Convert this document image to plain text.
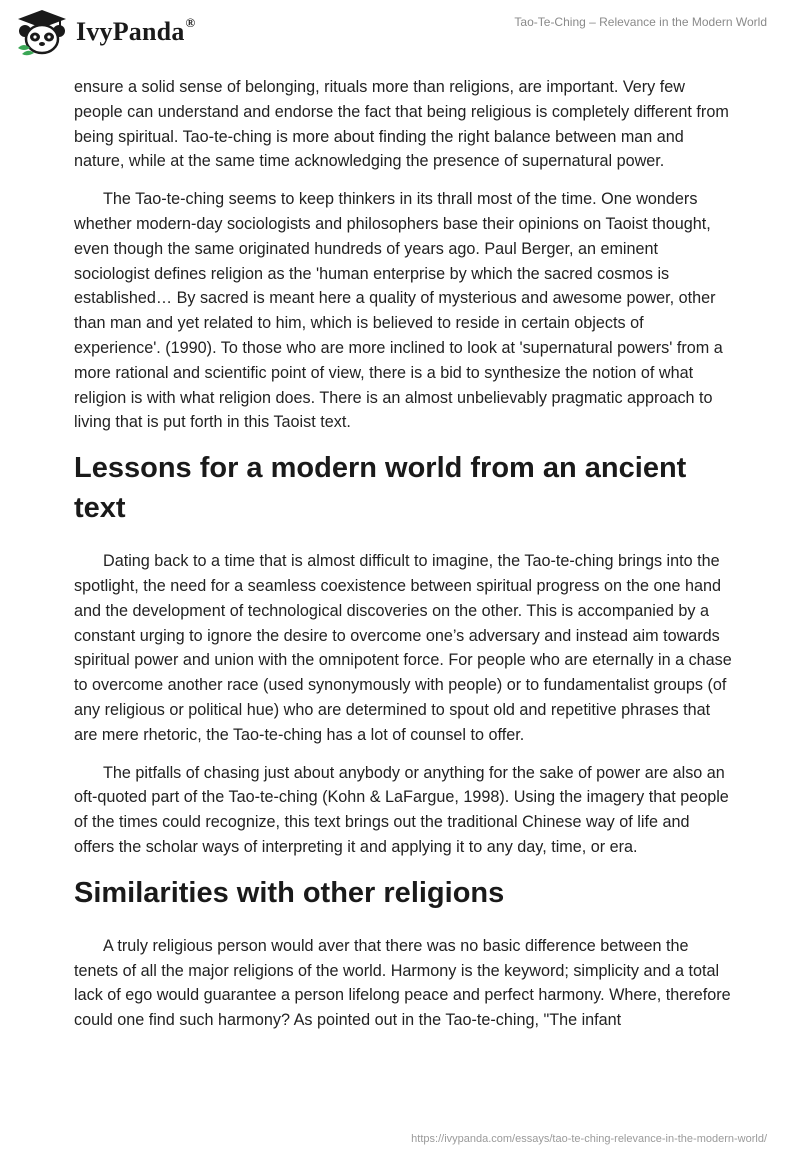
IvyPanda®	Tao-Te-Ching – Relevance in the Modern World

ensure a solid sense of belonging, rituals more than religions, are important. Very few people can understand and endorse the fact that being religious is completely different from being spiritual. Tao-te-ching is more about finding the right balance between man and nature, while at the same time acknowledging the presence of supernatural power.

The Tao-te-ching seems to keep thinkers in its thrall most of the time. One wonders whether modern-day sociologists and philosophers base their opinions on Taoist thought, even though the same originated hundreds of years ago. Paul Berger, an eminent sociologist defines religion as the 'human enterprise by which the sacred cosmos is established… By sacred is meant here a quality of mysterious and awesome power, other than man and yet related to him, which is believed to reside in certain objects of experience'. (1990). To those who are more inclined to look at 'supernatural powers' from a more rational and scientific point of view, there is a bid to synthesize the notion of what religion is with what religion does. There is an almost unbelievably pragmatic approach to living that is put forth in this Taoist text.

Lessons for a modern world from an ancient text

Dating back to a time that is almost difficult to imagine, the Tao-te-ching brings into the spotlight, the need for a seamless coexistence between spiritual progress on the one hand and the development of technological discoveries on the other. This is accompanied by a constant urging to ignore the desire to overcome one’s adversary and instead aim towards spiritual power and union with the omnipotent force. For people who are eternally in a chase to overcome another race (used synonymously with people) or to fundamentalist groups (of any religious or political hue) who are determined to spout old and repetitive phrases that are mere rhetoric, the Tao-te-ching has a lot of counsel to offer.

The pitfalls of chasing just about anybody or anything for the sake of power are also an oft-quoted part of the Tao-te-ching (Kohn & LaFargue, 1998). Using the imagery that people of the times could recognize, this text brings out the traditional Chinese way of life and offers the scholar ways of interpreting it and applying it to any day, time, or era.

Similarities with other religions

A truly religious person would aver that there was no basic difference between the tenets of all the major religions of the world. Harmony is the keyword; simplicity and a total lack of ego would guarantee a person lifelong peace and perfect harmony. Where, therefore could one find such harmony? As pointed out in the Tao-te-ching, "The infant

https://ivypanda.com/essays/tao-te-ching-relevance-in-the-modern-world/
